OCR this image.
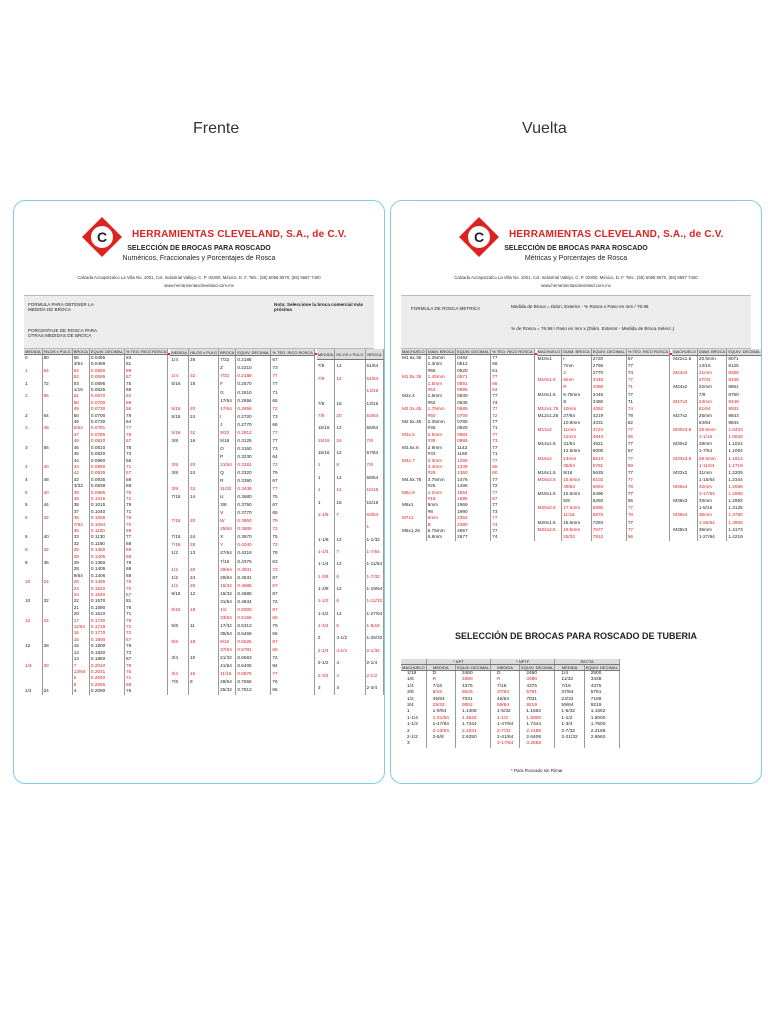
Frente	Vuelta
C HERRAMIENTAS CLEVELAND, S.A., de C.V.
SELECCIÓN DE BROCAS PARA ROSCADO
Numéricos, Fraccionales y Porcentajes de Rosca
Calzada Azcapotzalco La Villa No. 1001, Col. Industrial Vallejo, C. P. 02300, México, D. F. Tels.: (55) 5068 8570, (55) 5587 7400
www.herramientascleveland.com.mx
FORMULA PARA OBTENER LA MEDIDA DE BROCA
PORCENTAJE DE ROSCA PARA OTRAS MEDIDAS DE BROCA
Nota: Seleccione la broca comercial más próxima
MEDIDA	HILOS x PULG	BROCA	EQUIV. DECIMAL	% TEO. RICO ROSCA
0	80	56	0.0465	83
		3/64	0.0469	81
1	64	54	0.0550	89
		53	0.0595	67
1	72	53	0.0595	75
		1/16	0.0625	58
2	56	51	0.0670	82
		50	0.0700	69
		49	0.0730	56
2	64	50	0.0700	79
		49	0.0730	64
3	48	5/64	0.0781	77
		47	0.0785	78
		46	0.0810	67
3	56	46	0.0810	78
		45	0.0820	73
		44	0.0860	56
4	40	43	0.0890	71
		42	0.0935	57
4	48	42	0.0935	68
		3/32	0.0938	68
5	40	39	0.0995	76
		38	0.1015	72
5	44	38	0.1015	79
		37	0.1040	71
6	32	36	0.1065	78
		7/64	0.1094	70
		35	0.1100	69
6	40	33	0.1130	77
		32	0.1160	68
8	32	29	0.1360	69
		28	0.1405	58
8	36	29	0.1360	78
		28	0.1405	68
		9/64	0.1406	68
10	24	25	0.1495	75
		24	0.1520	70
		23	0.1540	67
10	32	22	0.1570	81
		21	0.1590	76
		20	0.1610	71
12	24	17	0.1730	79
		11/64	0.1719	72
		16	0.1770	72
		15	0.1800	67
12	28	15	0.1800	78
		14	0.1820	73
		13	0.1850	67
1/4	20	7	0.2010	78
		13/64	0.2031	75
		6	0.2040	71
		5	0.2055	68
1/4	24	4	0.2090	76
MEDIDA	HILOS x PULG	BROCA	EQUIV. DECIMAL	% TEO. RICO ROSCA
1/4	28	7/32	0.2188	67
		Z	0.2210	73
1/4	32	7/32	0.2188	77
5/16	18	F	0.2570	77
		G	0.2610	71
		17/64	0.2656	65
5/16	20	17/64	0.2656	72
5/16	24	I	0.2720	73
		J	0.2770	66
5/16	32	9/32	0.2812	77
3/8	16	5/16	0.3125	77
		O	0.3160	73
		P	0.3230	64
3/8	20	21/64	0.3281	72
3/8	24	Q	0.3320	79
		R	0.3390	67
3/8	32	11/32	0.3438	77
7/16	14	U	0.3680	75
		3/8	0.3750	67
		V	0.3770	65
7/16	20	W	0.3860	79
		25/64	0.3906	72
7/16	24	X	0.3970	75
7/16	28	Y	0.4040	72
1/2	13	27/64	0.4219	78
		7/16	0.4375	63
1/2	20	29/64	0.4531	72
1/2	24	29/64	0.4531	87
1/2	28	15/32	0.4688	67
9/16	12	15/32	0.4688	87
		31/64	0.4844	72
9/16	18	1/2	0.5000	87
		33/64	0.5156	65
5/8	11	17/32	0.5313	79
		35/64	0.5469	66
5/8	18	9/16	0.5625	87
		37/64	0.5781	65
3/4	10	21/32	0.6563	72
		41/64	0.6406	84
3/4	16	11/16	0.6875	77
7/8	9	49/64	0.7656	76
		25/32	0.7813	65
MEDIDA	HILOS x PULG	BROCA		
7/8	12	51/64		
7/8	14	51/64		
		13/16		
7/8	16	13/16		
7/8	20	53/64		
15/16	12	55/64		
15/16	16	7/8		
15/16	12	57/64		
1	8	7/8		
1	12	59/64		
1	14	15/16		
1	16	15/16		
1-1/8	7	63/64		
		1		
1-1/8	12	1-1/32		
1-1/4	7	1-7/64		
1-1/4	12	1-11/64		
1-3/8	6	1-7/32		
1-3/8	12	1-19/64		
1-1/2	6	1-11/32		
1-1/2	12	1-27/64		
1-3/4	5	1-9/16		
2	4-1/2	1-25/32		
2-1/4	4-1/2	2-1/32		
2-1/2	4	2-1/4		
2-3/4	4	2-1/2		
3	4	2-3/4		
C HERRAMIENTAS CLEVELAND, S.A., de C.V.
SELECCIÓN DE BROCAS PARA ROSCADO
Métricas y Porcentajes de Rosca
Calzada Azcapotzalco La Villa No. 1001, Col. Industrial Vallejo, C. P. 02300, México, D. F. Tels.: (55) 5068 8570, (55) 5587 7400
www.herramientascleveland.com.mx
FORMULA DE ROSCA METRICA	Medida de Broca = Diám. Exterior - % Rosca x Paso en mm / 76.98
% de Rosca = 76.98 / Paso en mm x (Diám. Exterior - Medida de Broca Selecc.)
MACHUELO	DIAM. BROCA	EQUIV. DECIMAL	% TEO. RICO ROSCA
M1.6x.35	1.25mm	0492	77
	1.3mm	0512	66
	#55	0520	61
M1.8x.35	1.45mm	0571	77
	1.5mm	0591	66
	#53	0595	64
M2x.4	1.6mm	0630	77
	#52	0635	74
M2.2x.45	1.75mm	0689	77
	#50	0700	72
M2.5x.45	2.05mm	0780	77
	#46	0820	71
M3x.5	2.5mm	0984	77
	#39	0995	73
M3.5x.6	2.9mm	1142	77
	#33	1160	71
M4x.7	3.3mm	1299	77
	3.4mm	1339	66
	#29	1360	60
M4.5x.75	3.75mm	1476	77
	#25	1495	72
M5x.8	4.2mm	1654	77
	#18	1695	67
M6x1	5mm	1969	77
	#8	1990	73
M7x1	6mm	2362	77
	B	2380	74
M8x1.25	6.75mm	2657	77
	6.8mm	2677	74
MACHUELO	DIAM. BROCA	EQUIV. DECIMAL	% TEO. RICO ROSCA
M10x1	I	2720	67
	7mm	2756	77
	J	2770	74
M10x1.5	8mm	3346	77
	R	3390	71
M10x1.5	8.75mm	3445	77
	S	3480	71
M12x1.75	10mm	4062	74
M12x1.25	27/64	4219	79
	10.8mm	4331	62
M14x2	11mm	4724	77
	12mm	4844	65
M14x1.5	31/64	4921	77
	12.5mm	5000	67
M16x2	14mm	5513	77
	35/64	5781	68
M16x1.5	9/16	5625	77
M18x2.5	15.5mm	6102	77
	39/64	6094	78
M18x1.5	16.5mm	6496	77
	5/8	6250	65
M20x2.5	17.5mm	6890	77
	11/16	6875	78
M20x1.5	18.5mm	7283	77
M22x2.5	19.5mm	7677	77
	25/32	7812	66
MACHUELO	DIAM. BROCA	EQUIV. DECIMAL	
M22x1.5	20.5mm	8071	
	13/16	8125	
M24x3	21mm	8268	
	27/32	8438	
M24x2	22mm	8661	
	7/8	8750	
M27x3	24mm	9449	
	61/64	9531	
M27x2	25mm	9843	
	63/64	9844	
M30x3.5	26.5mm	1.0433	
	1-1/16	1.0625	
M30x2	28mm	1.1024	
	1-7/64	1.1094	
M33x3.5	29.5mm	1.1614	
	1-11/64	1.1719	
M33x2	31mm	1.2205	
	1-15/64	1.2344	
M36x4	32mm	1.2598	
	1-17/64	1.2656	
M36x3	33mm	1.2992	
	1-5/16	1.3125	
M39x4	35mm	1.3780	
	1-25/64	1.3906	
M39x3	36mm	1.4173	
	1-27/64	1.4219	
SELECCIÓN DE BROCAS PARA ROSCADO DE TUBERIA
	* NPT		* NPTF		RECTA	
MACHUELO	MEDIDA	EQUIV. DECIMAL	MEDIDA	EQUIV. DECIMAL	MEDIDA	EQUIV. DECIMAL
1/16	D	2460	D	2460	1/4	2500
1/8	R	3390	R	3390	11/32	3438
1/4	7/16	4375	7/16	4375	7/16	4375
3/8	9/16	5625	37/64	5781	37/64	5781
1/2	45/64	7031	45/64	7031	23/32	7188
3/4	29/32	9062	59/64	9219	59/64	9219
1	1-9/64	1.1406	1-5/32	1.1562	1-5/32	1.1562
1-1/4	1-31/64	1.4844	1-1/2	1.5000	1-1/2	1.5000
1-1/2	1-47/64	1.7344	1-47/64	1.7344	1-3/4	1.7500
2	2-13/64	2.2031	2-7/32	2.2188	2-7/32	2.2188
2-1/2	2-5/8	2.6250	2-41/64	2.6406	2-21/32	2.6562
3			3-17/64	3.2656		
* Para Roscado sin Rimar
